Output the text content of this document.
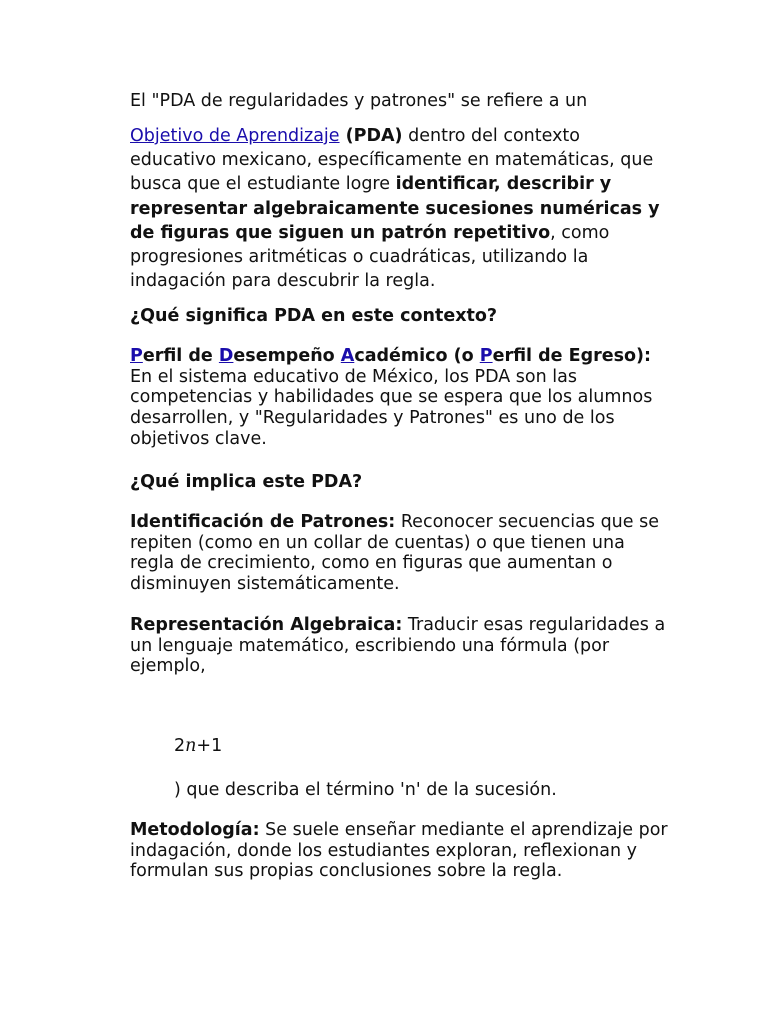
El "PDA de regularidades y patrones" se refiere a un

Objetivo de Aprendizaje (PDA) dentro del contexto educativo mexicano, específicamente en matemáticas, que busca que el estudiante logre identificar, describir y representar algebraicamente sucesiones numéricas y de figuras que siguen un patrón repetitivo, como progresiones aritméticas o cuadráticas, utilizando la indagación para descubrir la regla.

¿Qué significa PDA en este contexto?

Perfil de Desempeño Académico (o Perfil de Egreso): En el sistema educativo de México, los PDA son las competencias y habilidades que se espera que los alumnos desarrollen, y "Regularidades y Patrones" es uno de los objetivos clave.

¿Qué implica este PDA?

Identificación de Patrones: Reconocer secuencias que se repiten (como en un collar de cuentas) o que tienen una regla de crecimiento, como en figuras que aumentan o disminuyen sistemáticamente.

Representación Algebraica: Traducir esas regularidades a un lenguaje matemático, escribiendo una fórmula (por ejemplo,

2n+1

) que describa el término 'n' de la sucesión.

Metodología: Se suele enseñar mediante el aprendizaje por indagación, donde los estudiantes exploran, reflexionan y formulan sus propias conclusiones sobre la regla.
